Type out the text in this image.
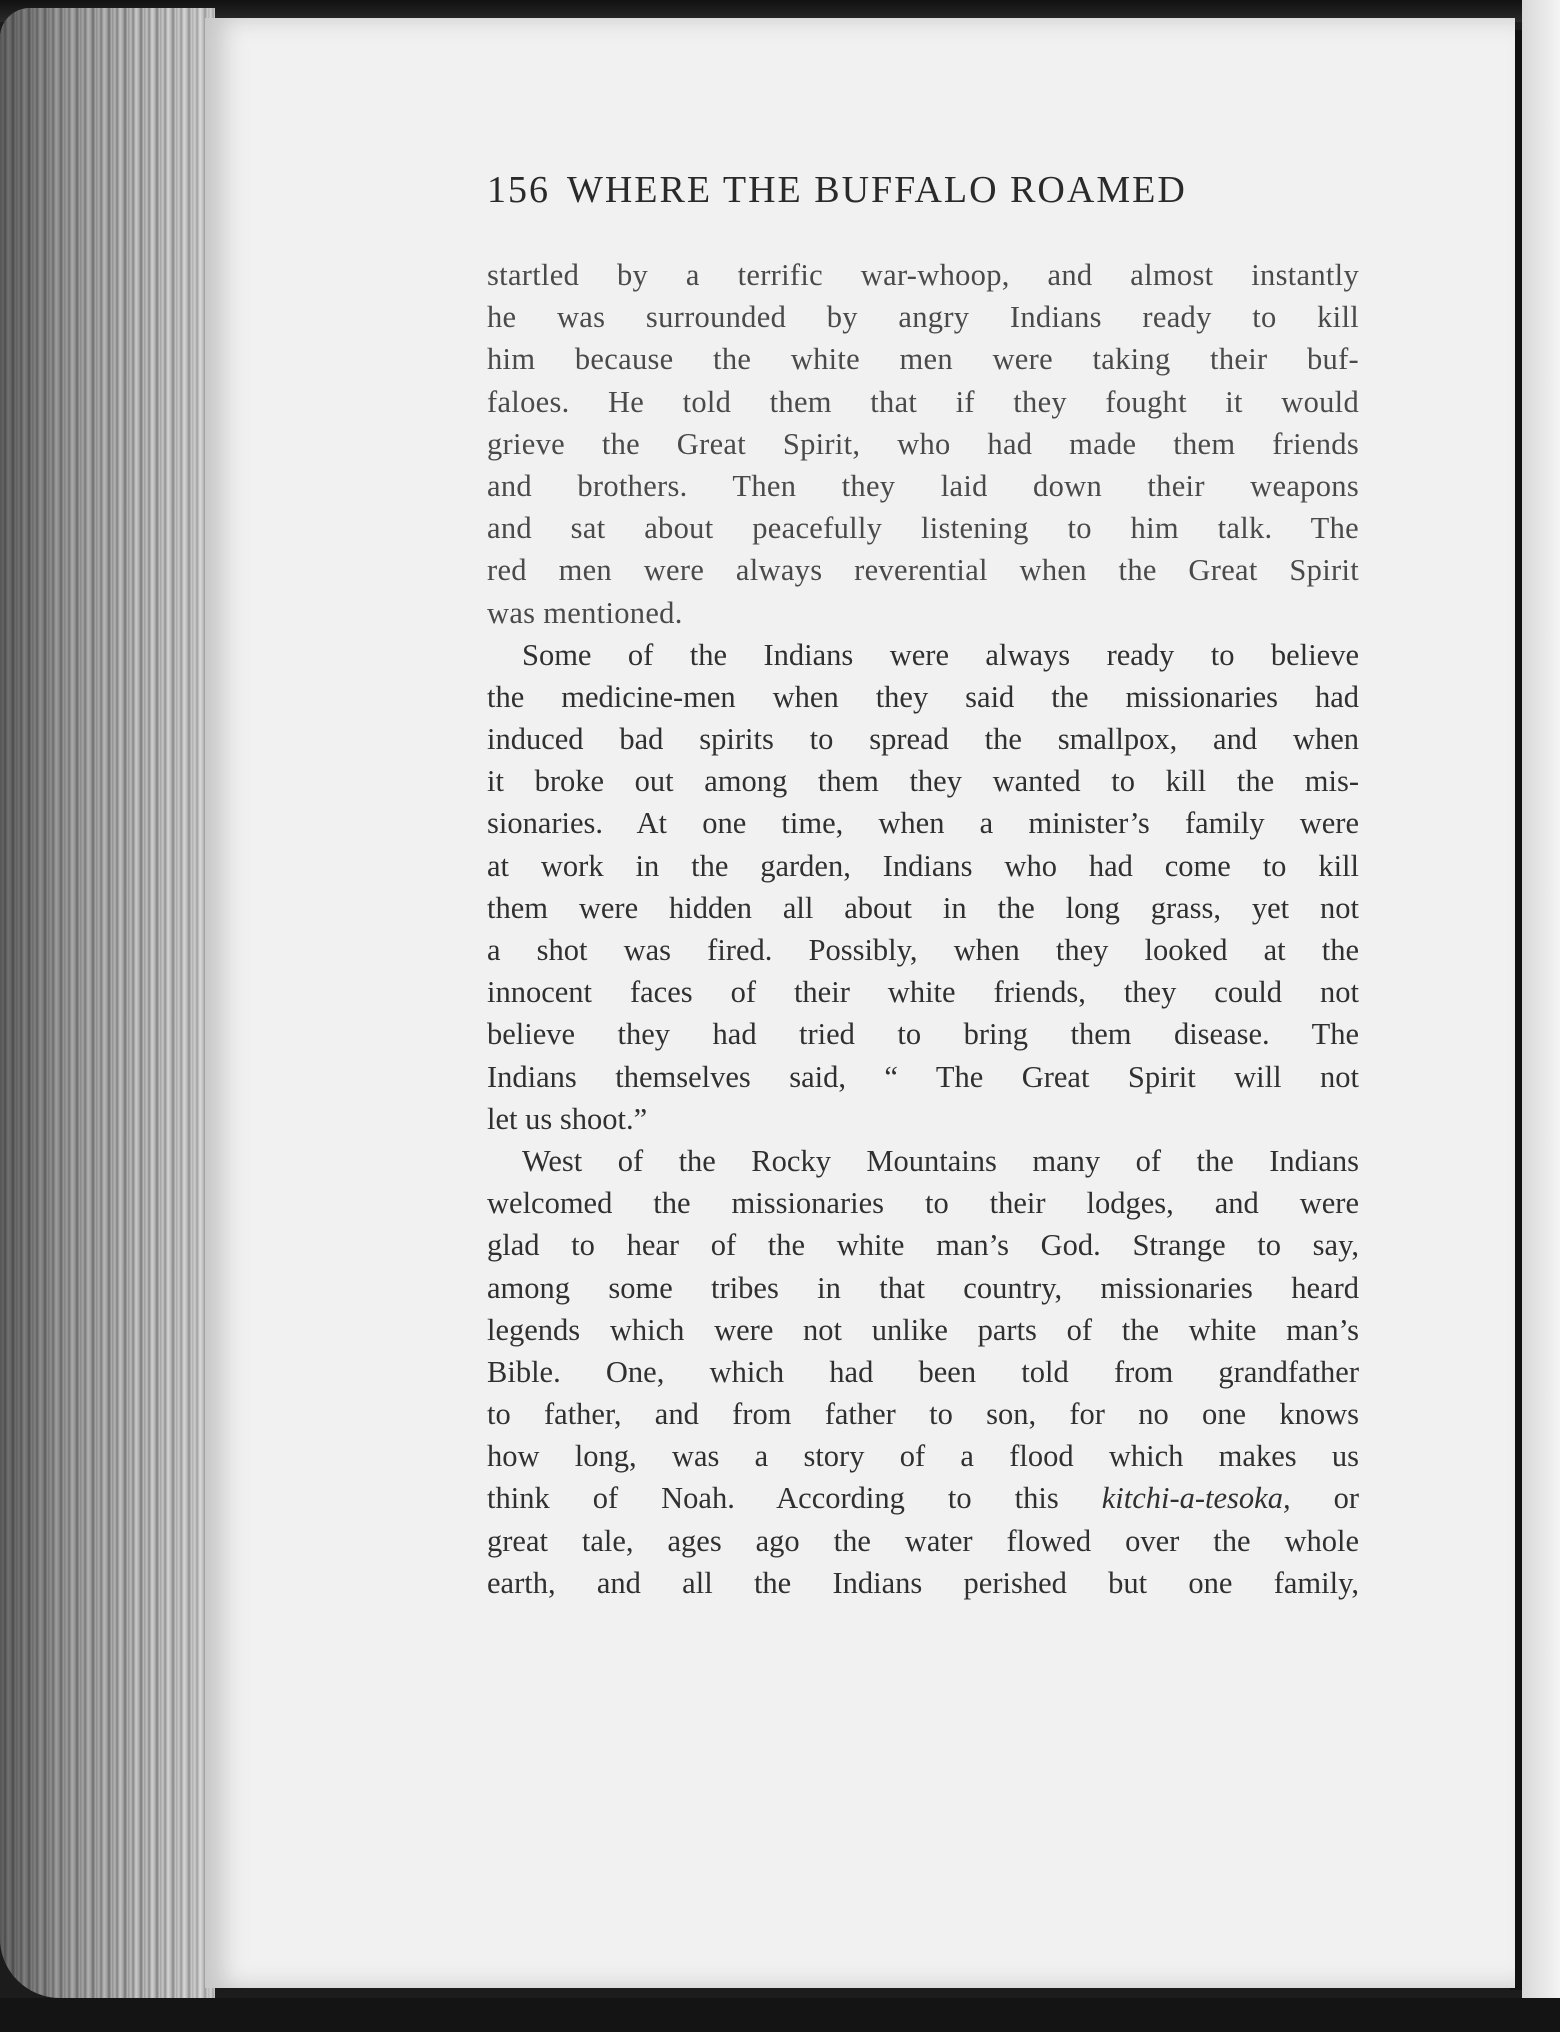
156 WHERE THE BUFFALO ROAMED
startled by a terrific war-whoop, and almost instantly
he was surrounded by angry Indians ready to kill
him because the white men were taking their buf-
faloes. He told them that if they fought it would
grieve the Great Spirit, who had made them friends
and brothers. Then they laid down their weapons
and sat about peacefully listening to him talk. The
red men were always reverential when the Great Spirit
was mentioned.
Some of the Indians were always ready to believe
the medicine-men when they said the missionaries had
induced bad spirits to spread the smallpox, and when
it broke out among them they wanted to kill the mis-
sionaries. At one time, when a minister’s family were
at work in the garden, Indians who had come to kill
them were hidden all about in the long grass, yet not
a shot was fired. Possibly, when they looked at the
innocent faces of their white friends, they could not
believe they had tried to bring them disease. The
Indians themselves said, “ The Great Spirit will not
let us shoot.”
West of the Rocky Mountains many of the Indians
welcomed the missionaries to their lodges, and were
glad to hear of the white man’s God. Strange to say,
among some tribes in that country, missionaries heard
legends which were not unlike parts of the white man’s
Bible. One, which had been told from grandfather
to father, and from father to son, for no one knows
how long, was a story of a flood which makes us
think of Noah. According to this kitchi-a-tesoka, or
great tale, ages ago the water flowed over the whole
earth, and all the Indians perished but one family,
